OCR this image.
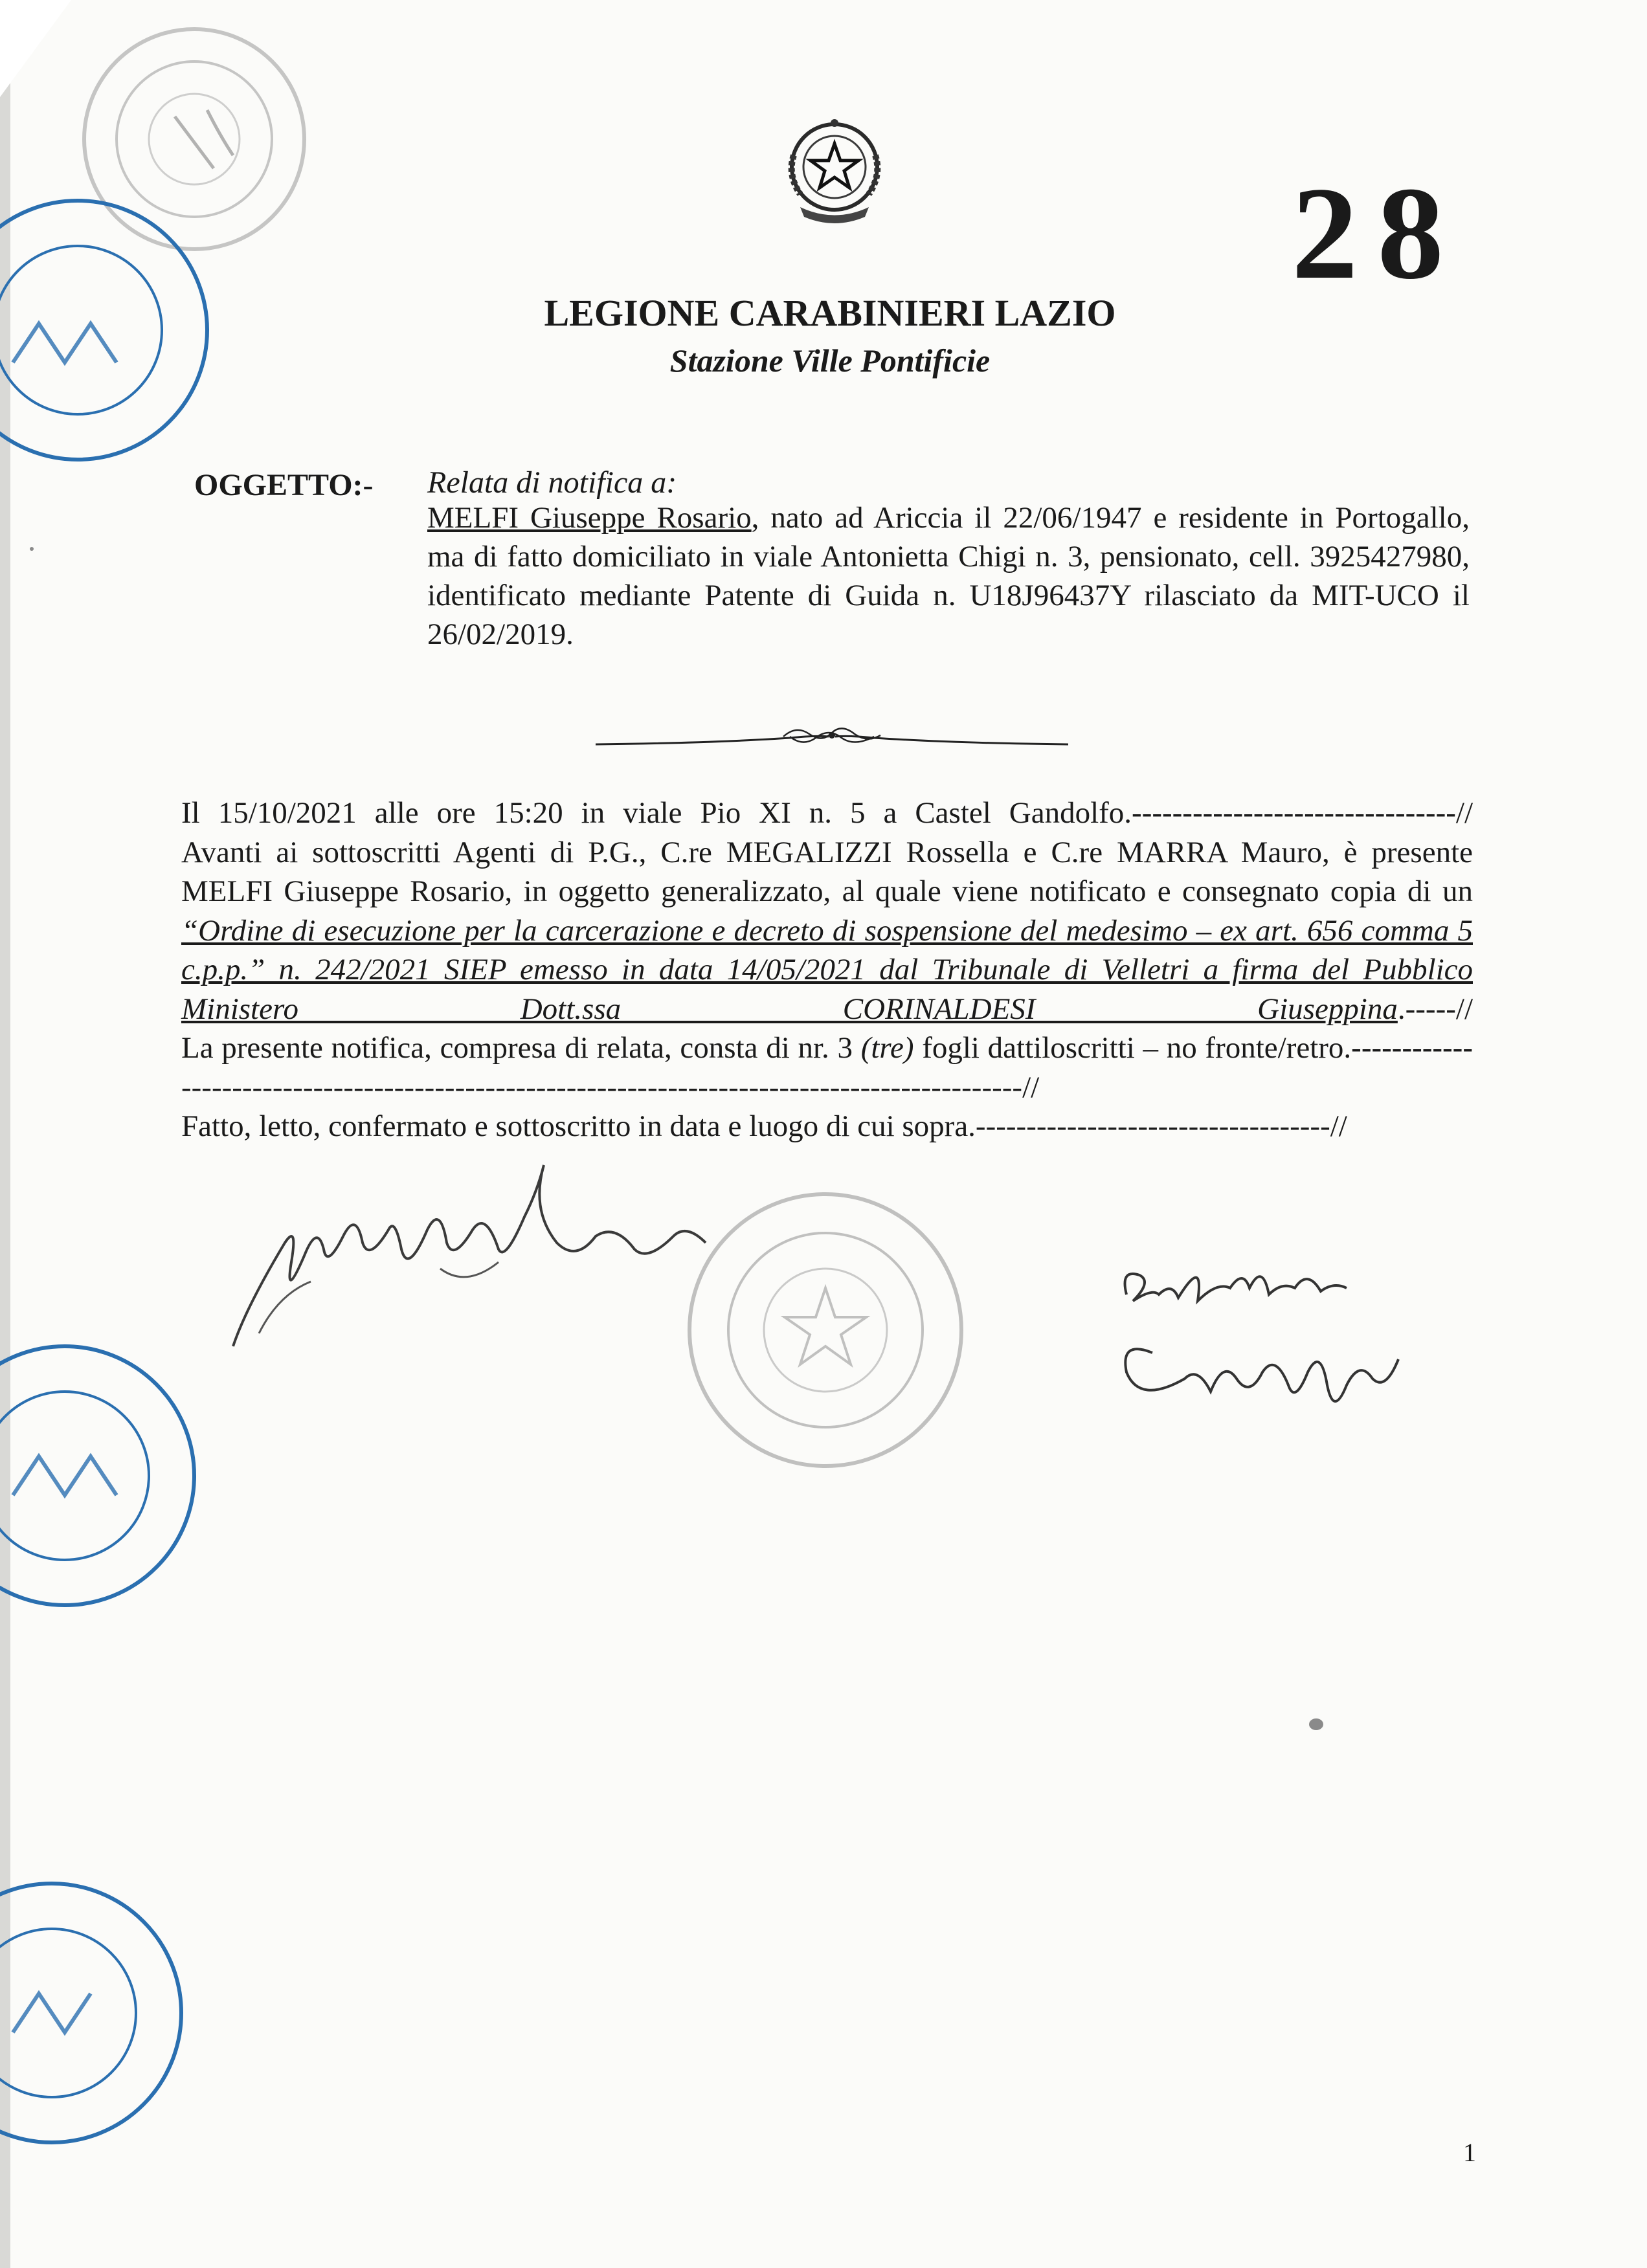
28
LEGIONE CARABINIERI LAZIO
Stazione Ville Pontificie
OGGETTO:- Relata di notifica a:
MELFI Giuseppe Rosario, nato ad Ariccia il 22/06/1947 e residente in Portogallo, ma di fatto domiciliato in viale Antonietta Chigi n. 3, pensionato, cell. 3925427980, identificato mediante Patente di Guida n. U18J96437Y rilasciato da MIT-UCO il 26/02/2019.

Il 15/10/2021 alle ore 15:20 in viale Pio XI n. 5 a Castel Gandolfo.--------------------------------//

Avanti ai sottoscritti Agenti di P.G., C.re MEGALIZZI Rossella e C.re MARRA Mauro, è presente MELFI Giuseppe Rosario, in oggetto generalizzato, al quale viene notificato e consegnato copia di un “Ordine di esecuzione per la carcerazione e decreto di sospensione del medesimo – ex art. 656 comma 5 c.p.p.” n. 242/2021 SIEP emesso in data 14/05/2021 dal Tribunale di Velletri a firma del Pubblico Ministero Dott.ssa CORINALDESI Giuseppina.-----//

La presente notifica, compresa di relata, consta di nr. 3 (tre) fogli dattiloscritti – no fronte/retro.-----------------------------------------------------------------------------------------------//

Fatto, letto, confermato e sottoscritto in data e luogo di cui sopra.-----------------------------------//

1
